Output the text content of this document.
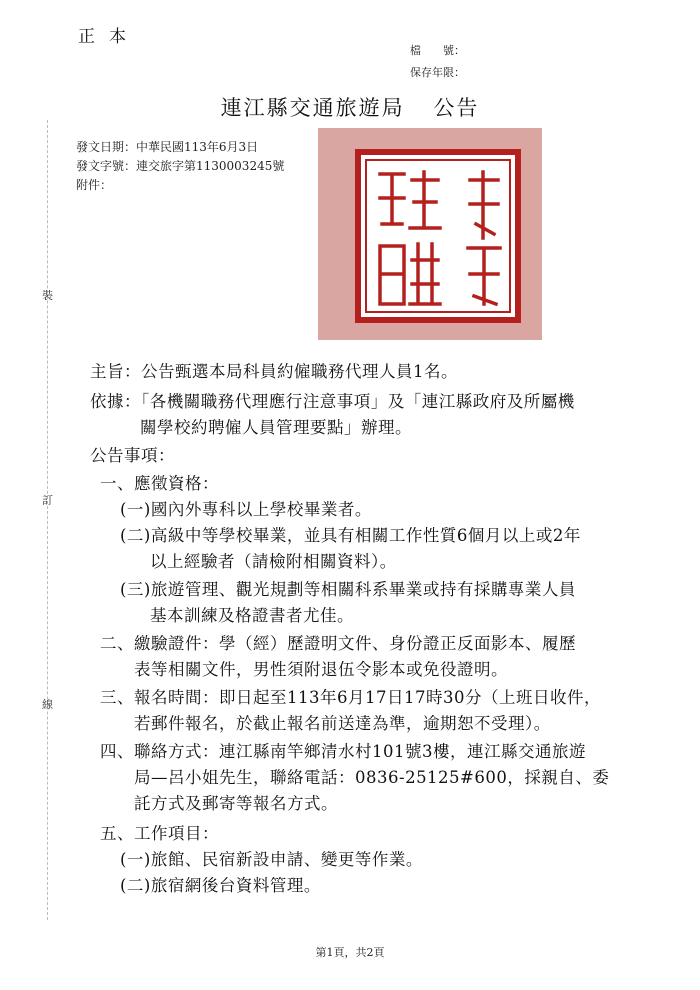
正本
檔　　號：
保存年限：
連江縣交通旅遊局 公告
發文日期：中華民國113年6月3日
發文字號：連交旅字第1130003245號
附件：
裝
訂
線
主旨：公告甄選本局科員約僱職務代理人員1名。
依據：「各機關職務代理應行注意事項」及「連江縣政府及所屬機
關學校約聘僱人員管理要點」辦理。
公告事項：
一、應徵資格：
(一)國內外專科以上學校畢業者。
(二)高級中等學校畢業，並具有相關工作性質6個月以上或2年
以上經驗者（請檢附相關資料）。
(三)旅遊管理、觀光規劃等相關科系畢業或持有採購專業人員
基本訓練及格證書者尤佳。
二、繳驗證件：學（經）歷證明文件、身份證正反面影本、履歷
表等相關文件，男性須附退伍令影本或免役證明。
三、報名時間：即日起至113年6月17日17時30分（上班日收件，
若郵件報名，於截止報名前送達為準，逾期恕不受理）。
四、聯絡方式：連江縣南竿鄉清水村101號3樓，連江縣交通旅遊
局—呂小姐先生，聯絡電話：0836-25125#600，採親自、委
託方式及郵寄等報名方式。
五、工作項目：
(一)旅館、民宿新設申請、變更等作業。
(二)旅宿網後台資料管理。
第1頁，共2頁
